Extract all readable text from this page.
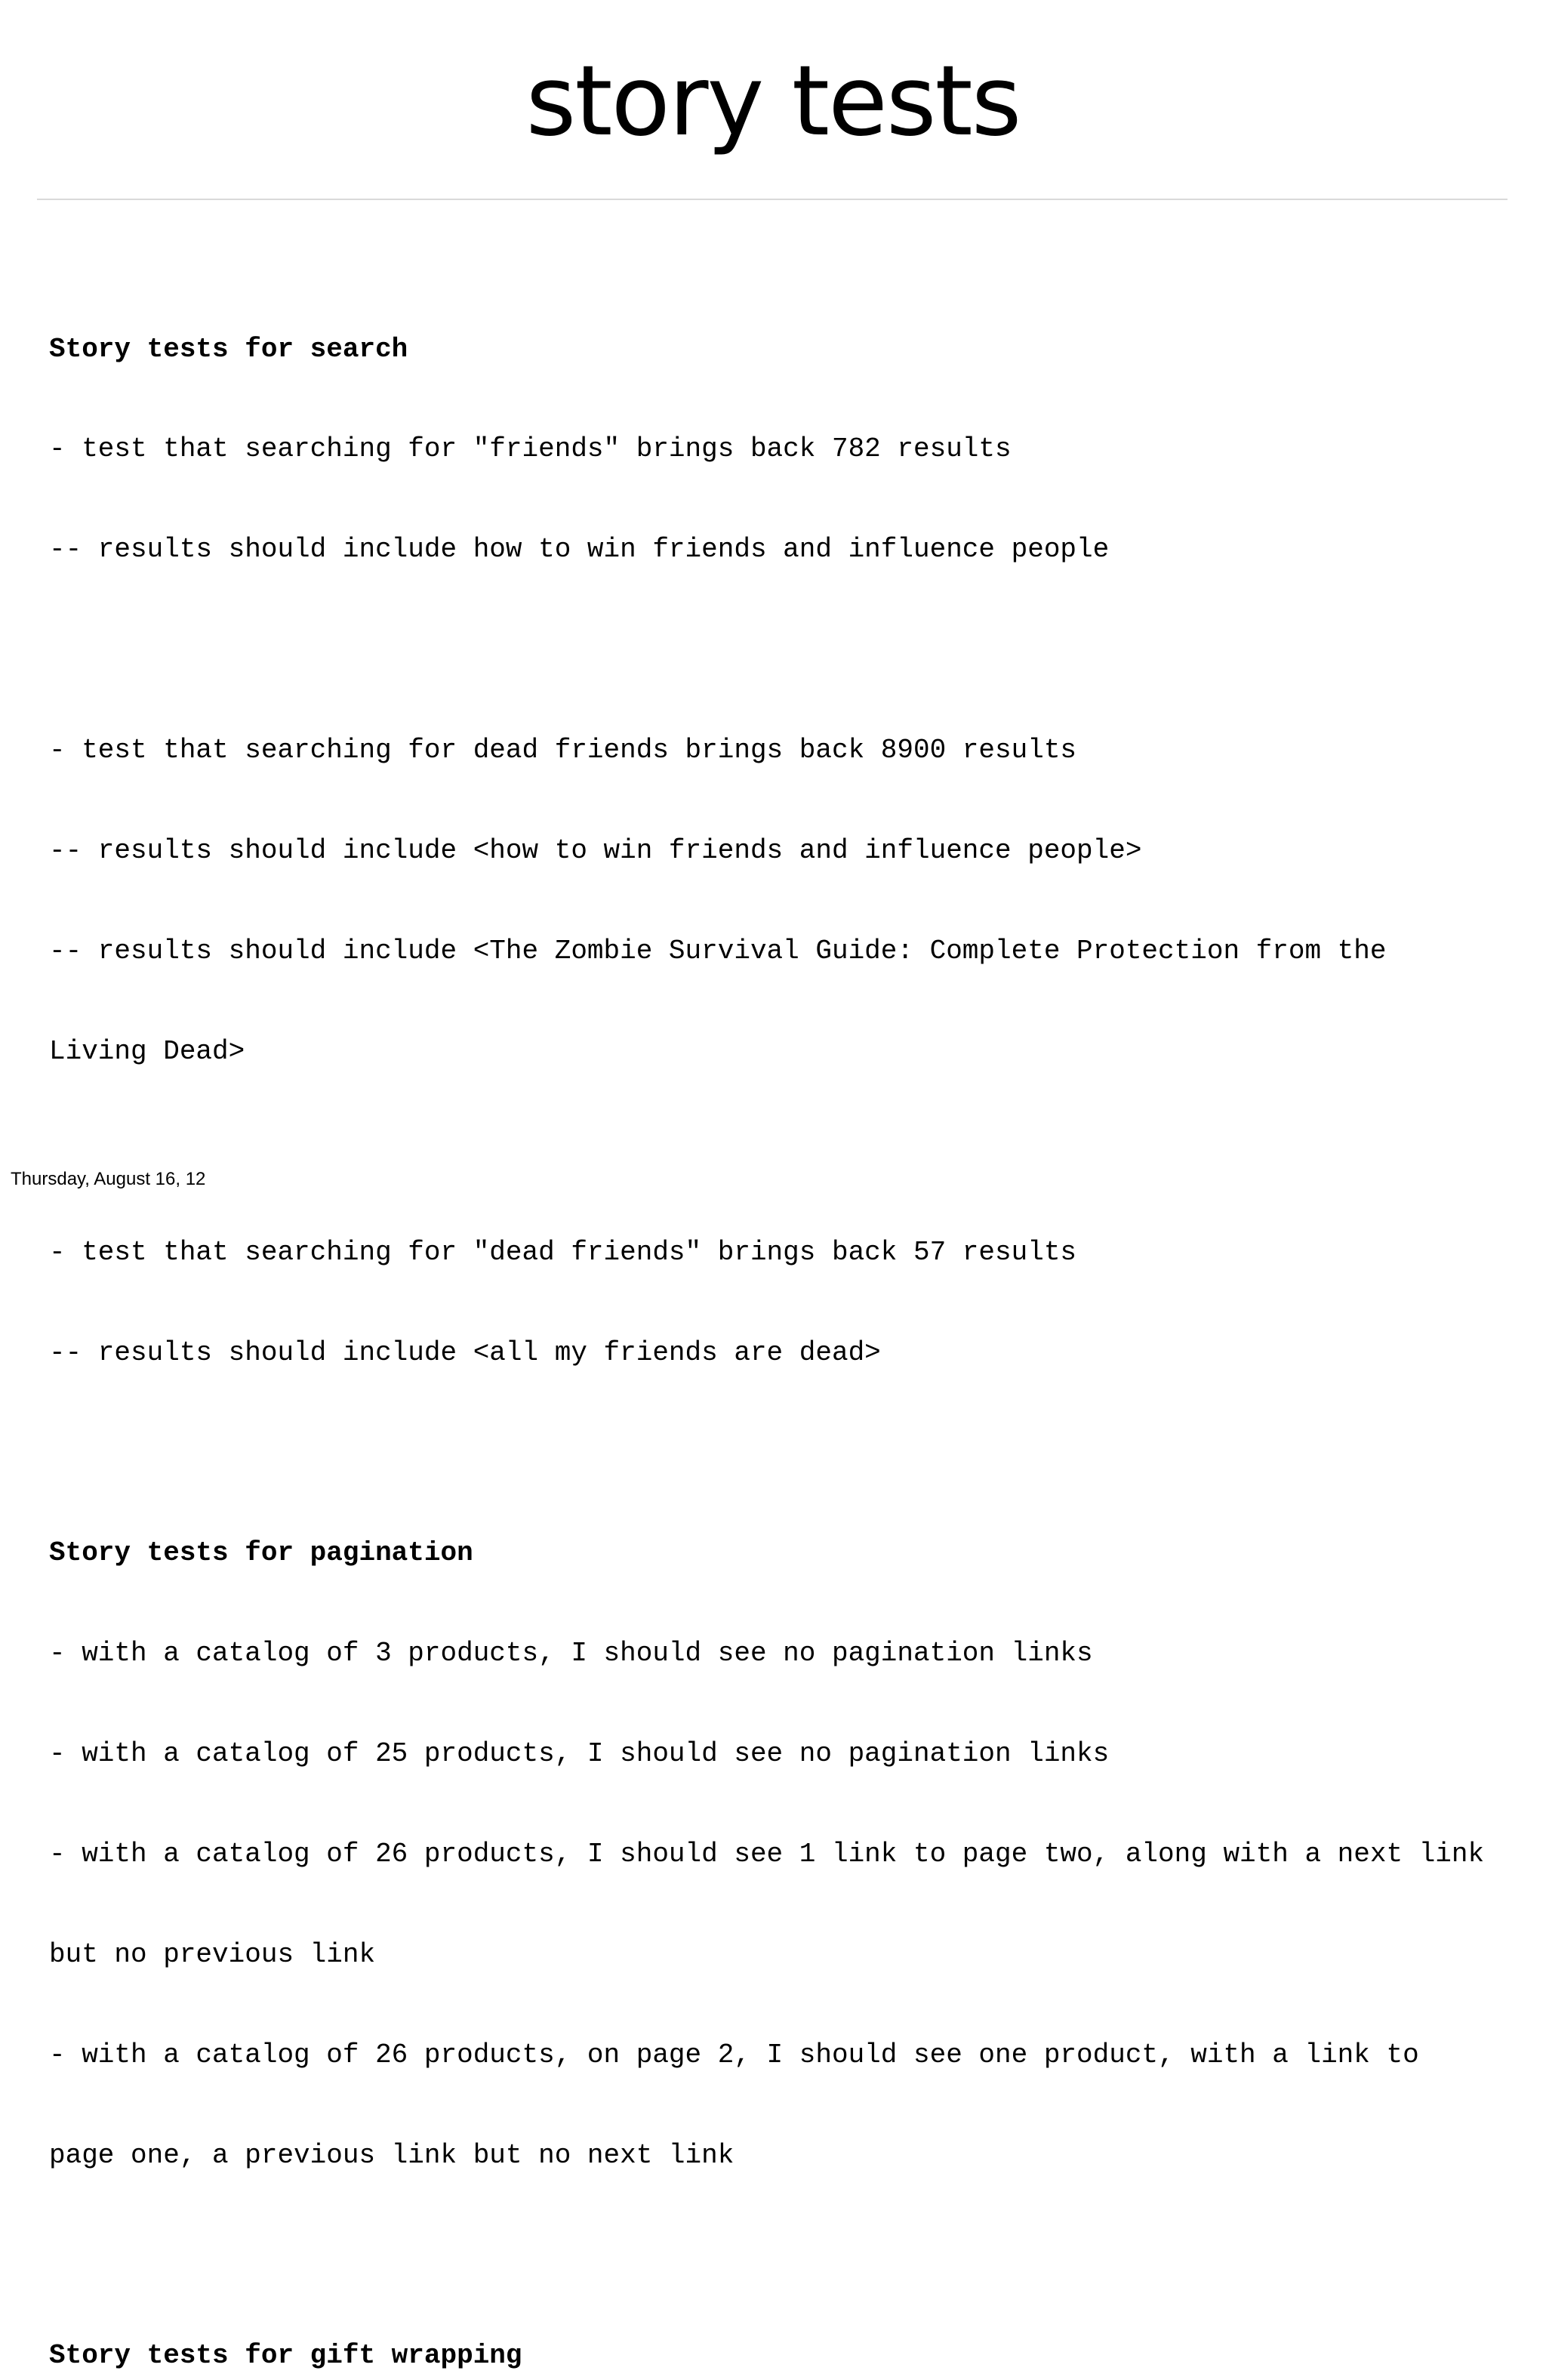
story tests

Story tests for search

- test that searching for "friends" brings back 782 results

-- results should include how to win friends and influence people

- test that searching for dead friends brings back 8900 results

-- results should include <how to win friends and influence people>

-- results should include <The Zombie Survival Guide: Complete Protection from the

Living Dead>

- test that searching for "dead friends" brings back 57 results

-- results should include <all my friends are dead>

Story tests for pagination

- with a catalog of 3 products, I should see no pagination links

- with a catalog of 25 products, I should see no pagination links

- with a catalog of 26 products, I should see 1 link to page two, along with a next link

but no previous link

- with a catalog of 26 products, on page 2, I should see one product, with a link to

page one, a previous link but no next link

Story tests for gift wrapping

Thursday, August 16, 12
